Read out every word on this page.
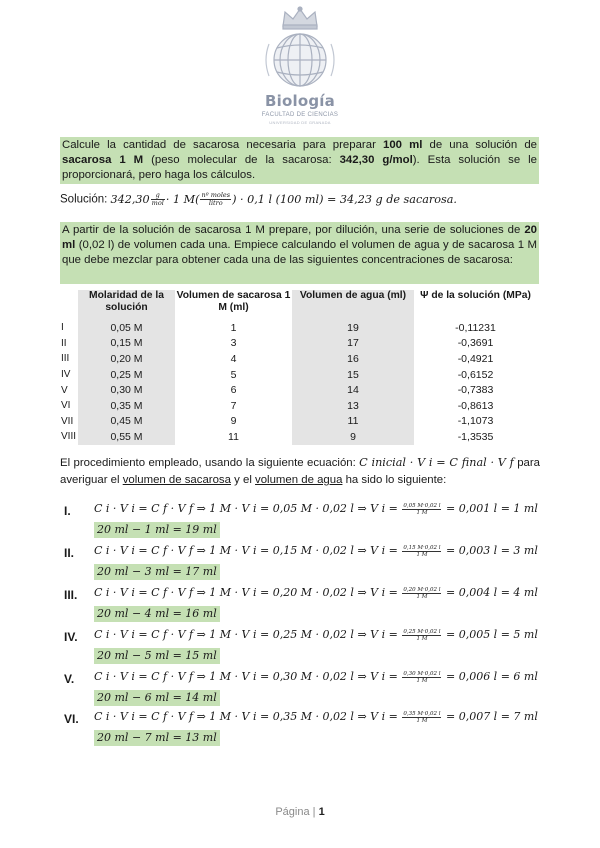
Biología
FACULTAD DE CIENCIAS
UNIVERSIDAD DE GRANADA
Calcule la cantidad de sacarosa necesaria para preparar 100 ml de una solución de sacarosa 1 M (peso molecular de la sacarosa: 342,30 g/mol). Esta solución se le proporcionará, pero haga los cálculos.
Solución: $342,30 \frac{g}{\text{mol}} \cdot 1$ $M( \frac{\text{nº moles}}{\text{litro}}$ ) · 0,1 l (100 ml) = 34,23 g de sacarosa.
A partir de la solución de sacarosa 1 M prepare, por dilución, una serie de soluciones de 20 ml (0,02 l) de volumen cada una. Empiece calculando el volumen de agua y de sacarosa 1 M que debe mezclar para obtener cada una de las siguientes concentraciones de sacarosa:
	Molaridad de la solución	Volumen de sacarosa 1 M (ml)	Volumen de agua (ml)	Ψ de la solución (MPa)
I	0,05 M	1	19	-0,11231
II	0,15 M	3	17	-0,3691
III	0,20 M	4	16	-0,4921
IV	0,25 M	5	15	-0,6152
V	0,30 M	6	14	-0,7383
VI	0,35 M	7	13	-0,8613
VII	0,45 M	9	11	-1,1073
VIII	0,55 M	11	9	-1,3535
El procedimiento empleado, usando la siguiente ecuación: C inicial · V i = C final · V f para averiguar el volumen de sacarosa y el volumen de agua ha sido lo siguiente:
I. C i · V i = C f · V f ⇒ 1 M · V i = 0,05 M · 0,02 l ⇒ V $i = \frac{0,05 M\cdot 0,02 l}{1 M} = 0,001$ l = 1 ml
20 ml − 1 ml = 19 ml
II. C i · V i = C f · V f ⇒ 1 M · V i = 0,15 M · 0,02 l ⇒ V $i = \frac{0,15 M\cdot 0,02 l}{1 M} = 0,003$ l = 3 ml
20 ml − 3 ml = 17 ml
III. C i · V i = C f · V f ⇒ 1 M · V i = 0,20 M · 0,02 l ⇒ V $i = \frac{0,20 M\cdot 0,02 l}{1 M} = 0,004$ l = 4 ml
20 ml − 4 ml = 16 ml
IV. C i · V i = C f · V f ⇒ 1 M · V i = 0,25 M · 0,02 l ⇒ V $i = \frac{0,25 M\cdot 0,02 l}{1 M} = 0,005$ l = 5 ml
20 ml − 5 ml = 15 ml
V. C i · V i = C f · V f ⇒ 1 M · V i = 0,30 M · 0,02 l ⇒ V $i = \frac{0,30 M\cdot 0,02 l}{1 M} = 0,006$ l = 6 ml
20 ml − 6 ml = 14 ml
VI. C i · V i = C f · V f ⇒ 1 M · V i = 0,35 M · 0,02 l ⇒ V $i = \frac{0,35 M\cdot 0,02 l}{1 M} = 0,007$ l = 7 ml
20 ml − 7 ml = 13 ml
Página | 1
